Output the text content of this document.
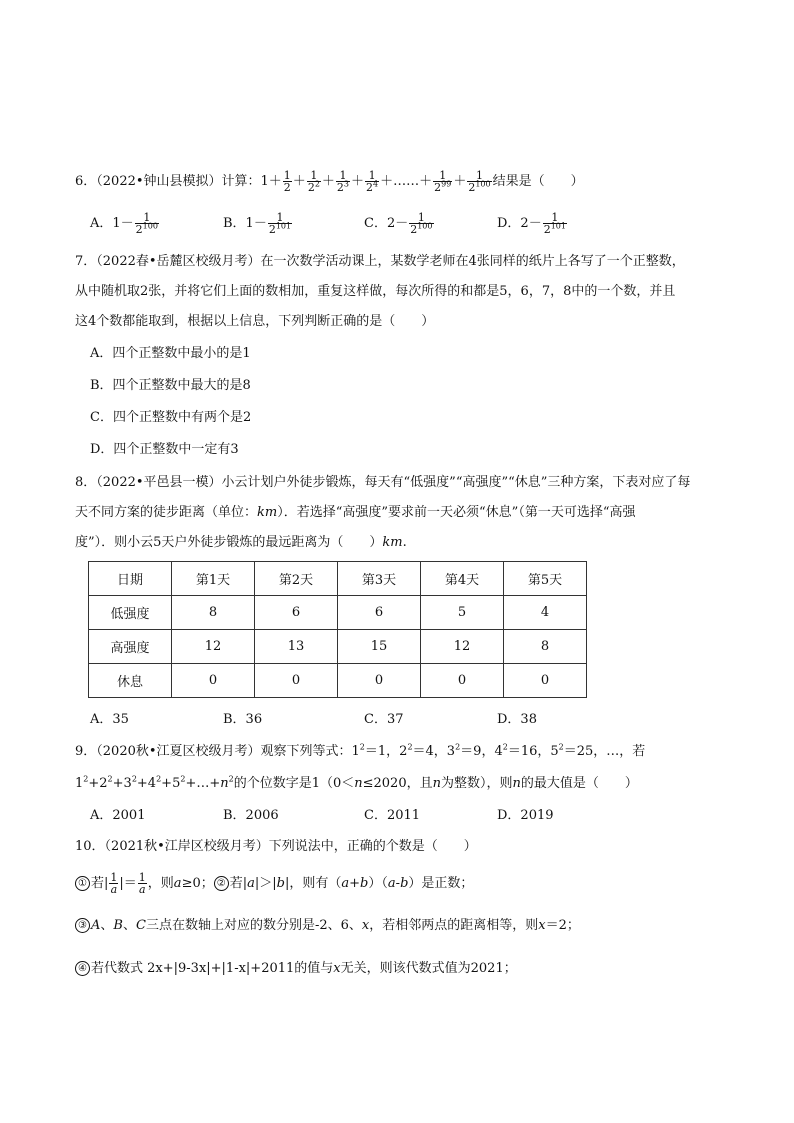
6．（2022•钟山县模拟）计算：$1+ \frac{1}{2} + \frac{1}{2^2} + \frac{1}{2^3} + \frac{1}{2^4}$ ＋……＋ $\frac{1}{2^{99}} + \frac{1}{2^{100}}$ 结果是（　　）
A．$1- \frac{1}{2^{100}}$	B．$1- \frac{1}{2^{101}}$	C．$2- \frac{1}{2^{100}}$	D．$2- \frac{1}{2^{101}}$
7．（2022春•岳麓区校级月考）在一次数学活动课上，某数学老师在4张同样的纸片上各写了一个正整数，
从中随机取2张，并将它们上面的数相加，重复这样做，每次所得的和都是5，6，7，8中的一个数，并且
这4个数都能取到，根据以上信息，下列判断正确的是（　　）
A．四个正整数中最小的是1
B．四个正整数中最大的是8
C．四个正整数中有两个是2
D．四个正整数中一定有3
8．（2022•平邑县一模）小云计划户外徒步锻炼，每天有“低强度”“高强度”“休息”三种方案，下表对应了每
天不同方案的徒步距离（单位：km）．若选择“高强度”要求前一天必须“休息”（第一天可选择“高强
度”）．则小云5天户外徒步锻炼的最远距离为（　　）km.
日期	第1天	第2天	第3天	第4天	第5天
低强度	8	6	6	5	4
高强度	12	13	15	12	8
休息	0	0	0	0	0
A．35	B．36	C．37	D．38
9．（2020秋•江夏区校级月考）观察下列等式：$1^2=1$，$2^2=4$，$3^2=9$，$4^2=16$，$5^2=25$，…，若
$1^2+2^2+3^2+4^2+5^2+\dots+n^2$的个位数字是1（0＜n≤2020，且n为整数），则n的最大值是（　　）
A．2001	B．2006	C．2011	D．2019
10．（2021秋•江岸区校级月考）下列说法中，正确的个数是（　　）
① 若| $\frac{1}{a}$ |＝ $\frac{1}{a}$ ，则a≥0； ② 若|a|＞|b|，则有（a+b）（a-b）是正数；
③ A、B、C三点在数轴上对应的数分别是-2、6、x，若相邻两点的距离相等，则x＝2；
④ 若代数式 2x+|9-3x|+|1-x|+2011的值与x无关，则该代数式值为2021；
